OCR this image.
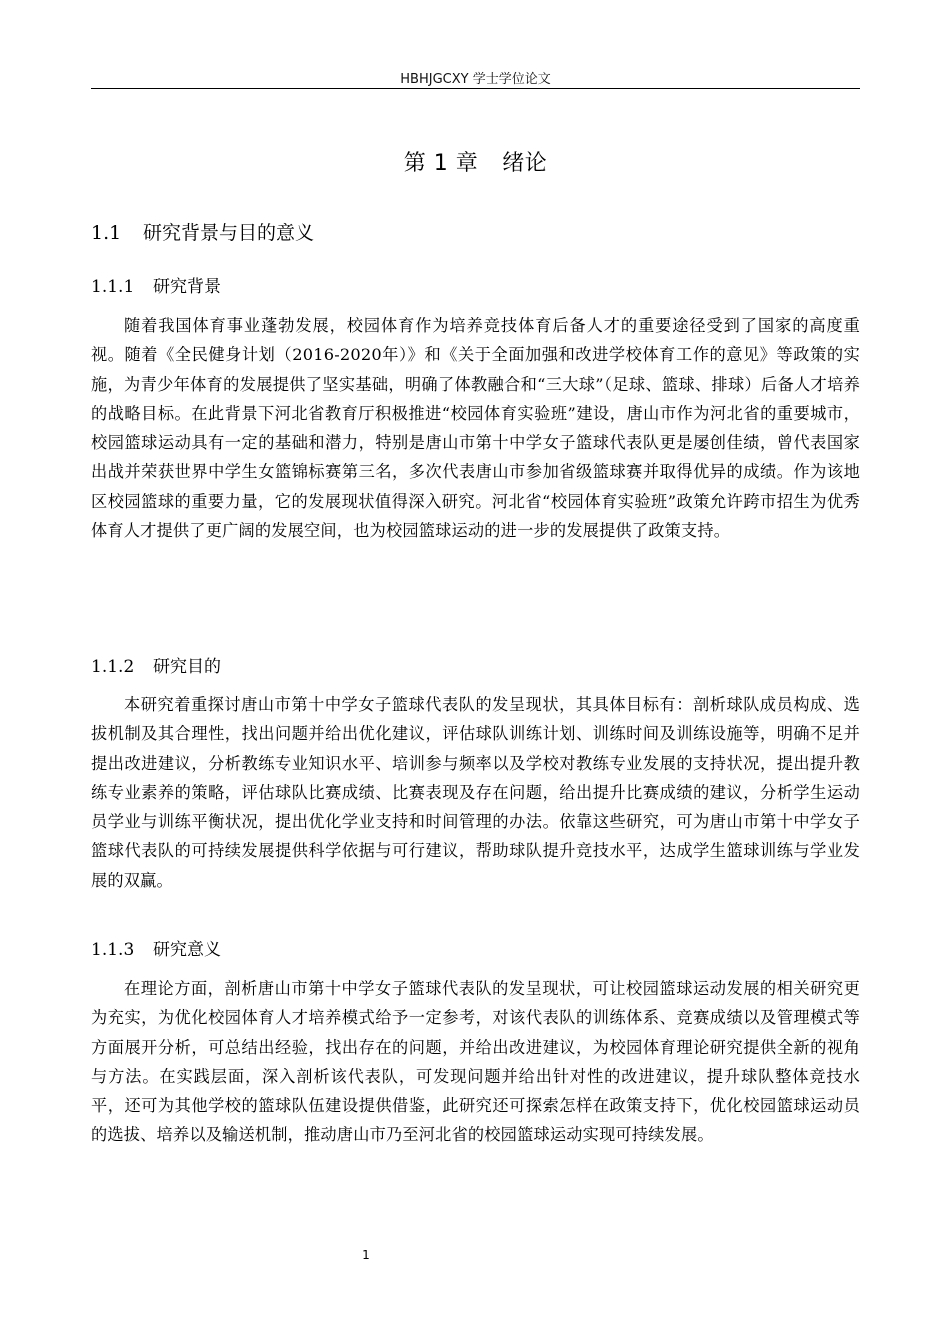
HBHJGCXY 学士学位论文
第 1 章 绪论
1.1 研究背景与目的意义
1.1.1 研究背景

随着我国体育事业蓬勃发展，校园体育作为培养竞技体育后备人才的重要途径受到了国家的高度重视。随着《全民健身计划（2016-2020年）》和《关于全面加强和改进学校体育工作的意见》等政策的实施，为青少年体育的发展提供了坚实基础，明确了体教融合和“三大球”（足球、篮球、排球）后备人才培养的战略目标。在此背景下河北省教育厅积极推进“校园体育实验班”建设，唐山市作为河北省的重要城市，校园篮球运动具有一定的基础和潜力，特别是唐山市第十中学女子篮球代表队更是屡创佳绩，曾代表国家出战并荣获世界中学生女篮锦标赛第三名，多次代表唐山市参加省级篮球赛并取得优异的成绩。作为该地区校园篮球的重要力量，它的发展现状值得深入研究。河北省“校园体育实验班”政策允许跨市招生为优秀体育人才提供了更广阔的发展空间，也为校园篮球运动的进一步的发展提供了政策支持。

1.1.2 研究目的

本研究着重探讨唐山市第十中学女子篮球代表队的发呈现状，其具体目标有：剖析球队成员构成、选拔机制及其合理性，找出问题并给出优化建议，评估球队训练计划、训练时间及训练设施等，明确不足并提出改进建议，分析教练专业知识水平、培训参与频率以及学校对教练专业发展的支持状况，提出提升教练专业素养的策略，评估球队比赛成绩、比赛表现及存在问题，给出提升比赛成绩的建议，分析学生运动员学业与训练平衡状况，提出优化学业支持和时间管理的办法。依靠这些研究，可为唐山市第十中学女子篮球代表队的可持续发展提供科学依据与可行建议，帮助球队提升竞技水平，达成学生篮球训练与学业发展的双赢。

1.1.3 研究意义

在理论方面，剖析唐山市第十中学女子篮球代表队的发呈现状，可让校园篮球运动发展的相关研究更为充实，为优化校园体育人才培养模式给予一定参考，对该代表队的训练体系、竞赛成绩以及管理模式等方面展开分析，可总结出经验，找出存在的问题，并给出改进建议，为校园体育理论研究提供全新的视角与方法。在实践层面，深入剖析该代表队，可发现问题并给出针对性的改进建议，提升球队整体竞技水平，还可为其他学校的篮球队伍建设提供借鉴，此研究还可探索怎样在政策支持下，优化校园篮球运动员的选拔、培养以及输送机制，推动唐山市乃至河北省的校园篮球运动实现可持续发展。

1
